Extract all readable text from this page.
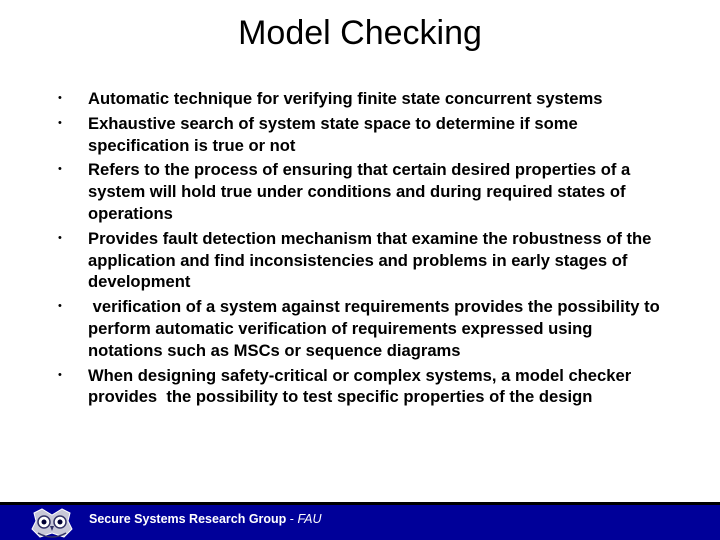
Model Checking
• Automatic technique for verifying finite state concurrent systems
• Exhaustive search of system state space to determine if some specification is true or not
• Refers to the process of ensuring that certain desired properties of a system will hold true under conditions and during required states of operations
• Provides fault detection mechanism that examine the robustness of the application and find inconsistencies and problems in early stages of development
• verification of a system against requirements provides the possibility to perform automatic verification of requirements expressed using notations such as MSCs or sequence diagrams
• When designing safety-critical or complex systems, a model checker provides  the possibility to test specific properties of the design
Secure Systems Research Group - FAU
